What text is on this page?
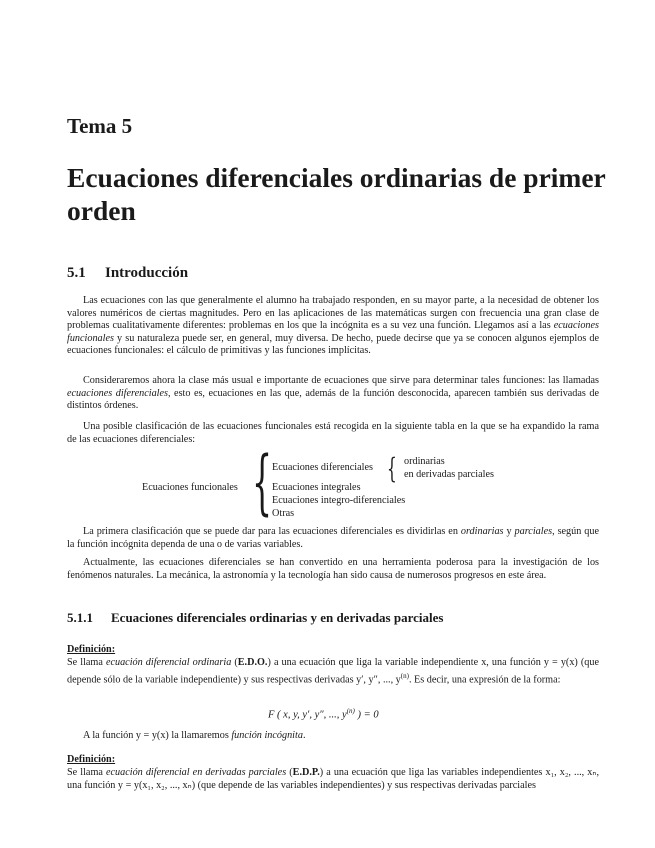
Tema 5
Ecuaciones diferenciales ordinarias de primer orden
5.1 Introducción
Las ecuaciones con las que generalmente el alumno ha trabajado responden, en su mayor parte, a la necesidad de obtener los valores numéricos de ciertas magnitudes. Pero en las aplicaciones de las matemáticas surgen con frecuencia una gran clase de problemas cualitativamente diferentes: problemas en los que la incógnita es a su vez una función. Llegamos así a las ecuaciones funcionales y su naturaleza puede ser, en general, muy diversa. De hecho, puede decirse que ya se conocen algunos ejemplos de ecuaciones funcionales: el cálculo de primitivas y las funciones implícitas.
Consideraremos ahora la clase más usual e importante de ecuaciones que sirve para determinar tales funciones: las llamadas ecuaciones diferenciales, esto es, ecuaciones en las que, además de la función desconocida, aparecen también sus derivadas de distintos órdenes.
Una posible clasificación de las ecuaciones funcionales está recogida en la siguiente tabla en la que se ha expandido la rama de las ecuaciones diferenciales:
Ecuaciones funcionales { Ecuaciones diferenciales { ordinarias
en derivadas parciales
Ecuaciones integrales
Ecuaciones integro-diferenciales
Otras
La primera clasificación que se puede dar para las ecuaciones diferenciales es dividirlas en ordinarias y parciales, según que la función incógnita dependa de una o de varias variables.
Actualmente, las ecuaciones diferenciales se han convertido en una herramienta poderosa para la investigación de los fenómenos naturales. La mecánica, la astronomía y la tecnología han sido causa de numerosos progresos en este área.
5.1.1 Ecuaciones diferenciales ordinarias y en derivadas parciales
Definición:
Se llama ecuación diferencial ordinaria (E.D.O.) a una ecuación que liga la variable independiente x, una función y = y(x) (que depende sólo de la variable independiente) y sus respectivas derivadas y′, y″, ..., $y^{(n)}$. Es decir, una expresión de la forma:
F ( x, y, y′, y″, ..., $y^{(n)}$ ) = 0
A la función y = y(x) la llamaremos función incógnita.
Definición:
Se llama ecuación diferencial en derivadas parciales (E.D.P.) a una ecuación que liga las variables independientes x₁, x₂, ..., xₙ, una función y = y(x₁, x₂, ..., xₙ) (que depende de las variables independientes) y sus respectivas derivadas parciales
